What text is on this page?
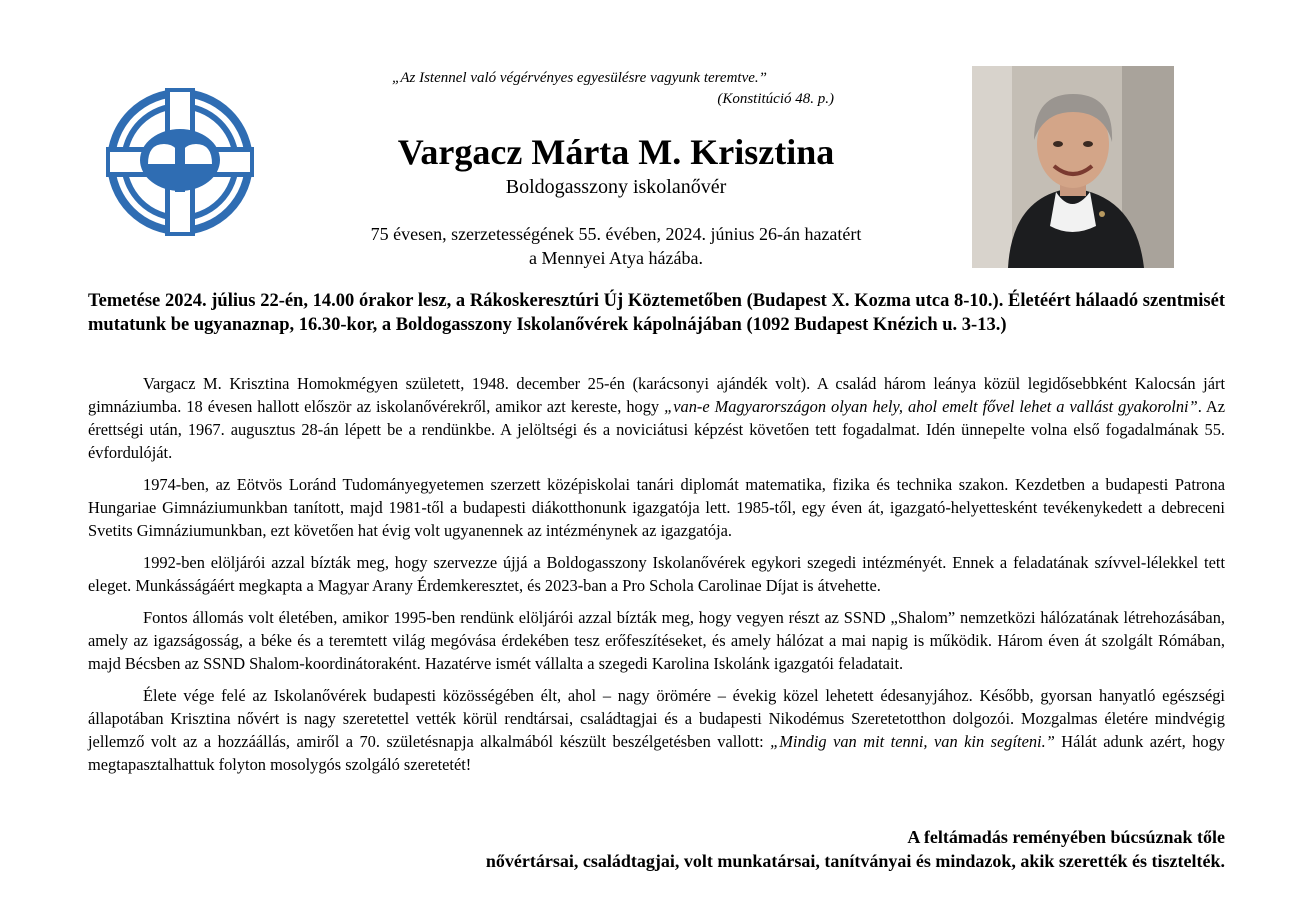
„Az Istennel való végérvényes egyesülésre vagyunk teremtve.”
(Konstitúció 48. p.)
Vargacz Márta M. Krisztina
Boldogasszony iskolanővér
75 évesen, szerzetességének 55. évében, 2024. június 26-án hazatért
a Mennyei Atya házába.
Temetése 2024. július 22-én, 14.00 órakor lesz, a Rákoskeresztúri Új Köztemetőben (Budapest X. Kozma utca 8-10.). Életéért hálaadó szentmisét mutatunk be ugyanaznap, 16.30-kor, a Boldogasszony Iskolanővérek kápolnájában (1092 Budapest Knézich u. 3-13.)

Vargacz M. Krisztina Homokmégyen született, 1948. december 25-én (karácsonyi ajándék volt). A család három leánya közül legidősebbként Kalocsán járt gimnáziumba. 18 évesen hallott először az iskolanővérekről, amikor azt kereste, hogy „van-e Magyarországon olyan hely, ahol emelt fővel lehet a vallást gyakorolni”. Az érettségi után, 1967. augusztus 28-án lépett be a rendünkbe. A jelöltségi és a noviciátusi képzést követően tett fogadalmat. Idén ünnepelte volna első fogadalmának 55. évfordulóját.

1974-ben, az Eötvös Loránd Tudományegyetemen szerzett középiskolai tanári diplomát matematika, fizika és technika szakon. Kezdetben a budapesti Patrona Hungariae Gimnáziumunkban tanított, majd 1981-től a budapesti diákotthonunk igazgatója lett. 1985-től, egy éven át, igazgató-helyettesként tevékenykedett a debreceni Svetits Gimnáziumunkban, ezt követően hat évig volt ugyanennek az intézménynek az igazgatója.

1992-ben elöljárói azzal bízták meg, hogy szervezze újjá a Boldogasszony Iskolanővérek egykori szegedi intézményét. Ennek a feladatának szívvel-lélekkel tett eleget. Munkásságáért megkapta a Magyar Arany Érdemkeresztet, és 2023-ban a Pro Schola Carolinae Díjat is átvehette.

Fontos állomás volt életében, amikor 1995-ben rendünk elöljárói azzal bízták meg, hogy vegyen részt az SSND „Shalom” nemzetközi hálózatának létrehozásában, amely az igazságosság, a béke és a teremtett világ megóvása érdekében tesz erőfeszítéseket, és amely hálózat a mai napig is működik. Három éven át szolgált Rómában, majd Bécsben az SSND Shalom-koordinátoraként. Hazatérve ismét vállalta a szegedi Karolina Iskolánk igazgatói feladatait.

Élete vége felé az Iskolanővérek budapesti közösségében élt, ahol – nagy örömére – évekig közel lehetett édesanyjához. Később, gyorsan hanyatló egészségi állapotában Krisztina nővért is nagy szeretettel vették körül rendtársai, családtagjai és a budapesti Nikodémus Szeretetotthon dolgozói. Mozgalmas életére mindvégig jellemző volt az a hozzáállás, amiről a 70. születésnapja alkalmából készült beszélgetésben vallott: „Mindig van mit tenni, van kin segíteni.” Hálát adunk azért, hogy megtapasztalhattuk folyton mosolygós szolgáló szeretetét!

A feltámadás reményében búcsúznak tőle
nővértársai, családtagjai, volt munkatársai, tanítványai és mindazok, akik szerették és tisztelték.
